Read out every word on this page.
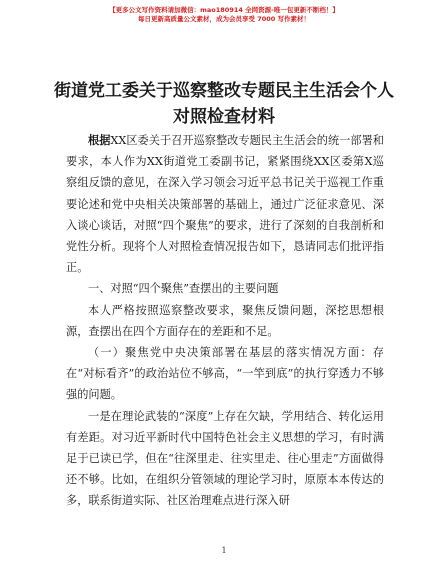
【更多公文写作资料请加微信：mao180914 全网资源-唯一包更新不断档！】
每日更新高质量公文素材，成为会员享受 7000 写作素材！
街道党工委关于巡察整改专题民主生活会个人
对照检查材料

根据XX区委关于召开巡察整改专题民主生活会的统一部署和要求，本人作为XX街道党工委副书记，紧紧围绕XX区委第X巡察组反馈的意见，在深入学习领会习近平总书记关于巡视工作重要论述和党中央相关决策部署的基础上，通过广泛征求意见、深入谈心谈话，对照“四个聚焦”的要求，进行了深刻的自我剖析和党性分析。现将个人对照检查情况报告如下，恳请同志们批评指正。

一、对照“四个聚焦”查摆出的主要问题

本人严格按照巡察整改要求，聚焦反馈问题，深挖思想根源，查摆出在四个方面存在的差距和不足。

（一）聚焦党中央决策部署在基层的落实情况方面：存在“对标看齐”的政治站位不够高，“一竿到底”的执行穿透力不够强的问题。

一是在理论武装的“深度”上存在欠缺，学用结合、转化运用有差距。对习近平新时代中国特色社会主义思想的学习，有时满足于已读已学，但在“往深里走、往实里走、往心里走”方面做得还不够。比如，在组织分管领域的理论学习时，原原本本传达的多，联系街道实际、社区治理难点进行深入研

1
